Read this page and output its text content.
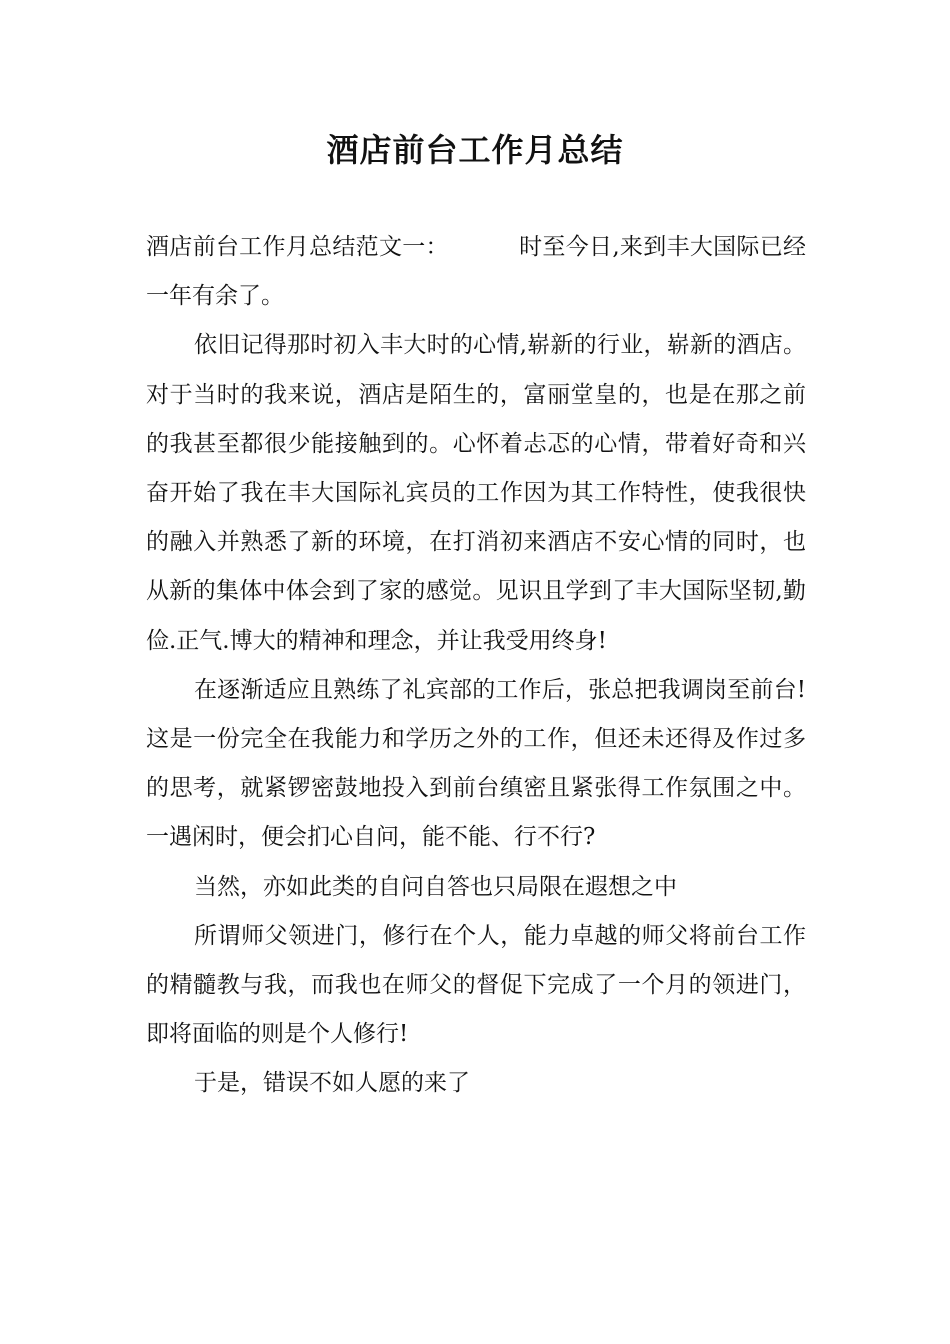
酒店前台工作月总结

酒店前台工作月总结范文一：	时至今日,来到丰大国际已经一年有余了。

依旧记得那时初入丰大时的心情,崭新的行业，崭新的酒店。对于当时的我来说，酒店是陌生的，富丽堂皇的，也是在那之前的我甚至都很少能接触到的。心怀着忐忑的心情，带着好奇和兴奋开始了我在丰大国际礼宾员的工作因为其工作特性，使我很快的融入并熟悉了新的环境，在打消初来酒店不安心情的同时，也从新的集体中体会到了家的感觉。见识且学到了丰大国际坚韧,勤俭.正气.博大的精神和理念，并让我受用终身!

在逐渐适应且熟练了礼宾部的工作后，张总把我调岗至前台!这是一份完全在我能力和学历之外的工作，但还未还得及作过多的思考，就紧锣密鼓地投入到前台缜密且紧张得工作氛围之中。一遇闲时，便会扪心自问，能不能、行不行?

当然，亦如此类的自问自答也只局限在遐想之中

所谓师父领进门，修行在个人，能力卓越的师父将前台工作的精髓教与我，而我也在师父的督促下完成了一个月的领进门，即将面临的则是个人修行!

于是，错误不如人愿的来了
